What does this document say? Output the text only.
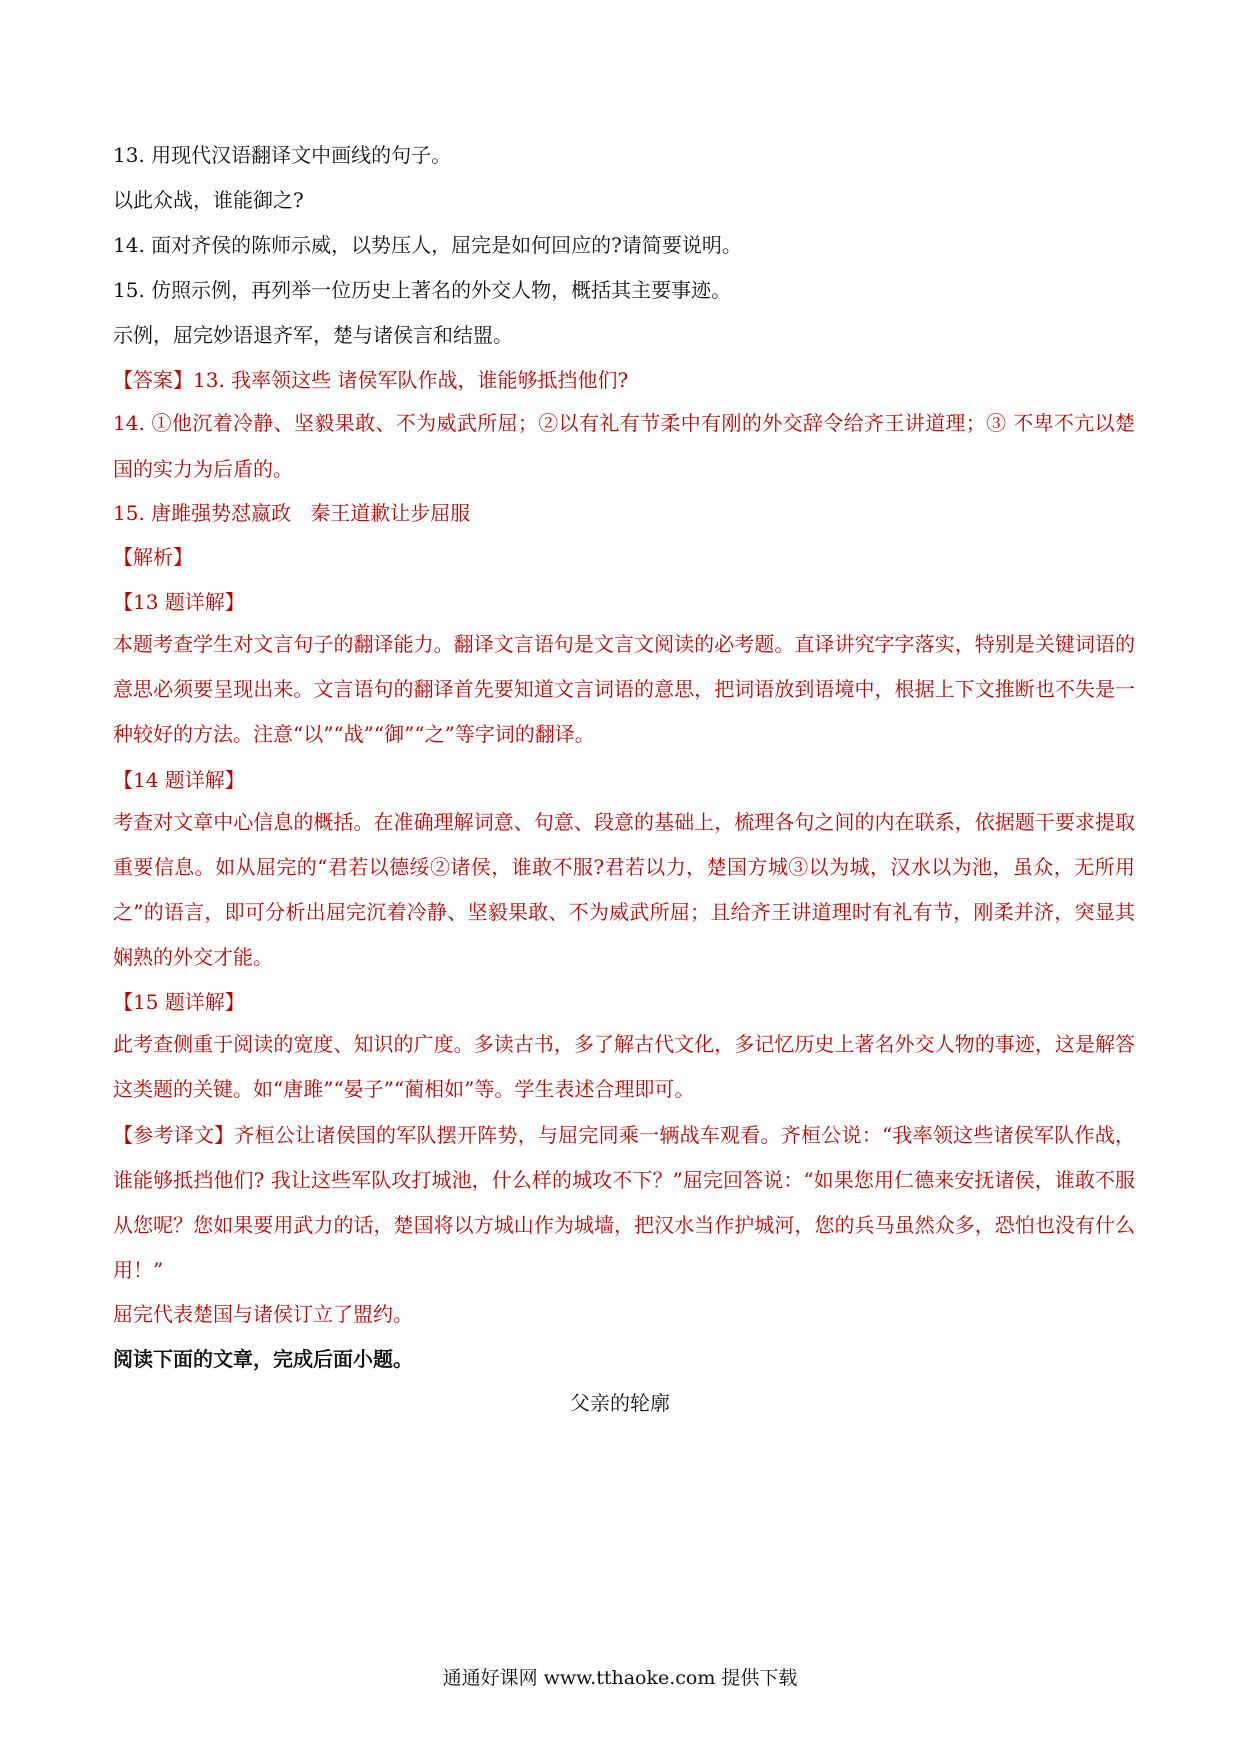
13. 用现代汉语翻译文中画线的句子。

以此众战，谁能御之?

14. 面对齐侯的陈师示威，以势压人，屈完是如何回应的?请简要说明。

15. 仿照示例，再列举一位历史上著名的外交人物，概括其主要事迹。

示例，屈完妙语退齐军，楚与诸侯言和结盟。

【答案】13. 我率领这些 诸侯军队作战，谁能够抵挡他们?

14. ①他沉着冷静、坚毅果敢、不为威武所屈；②以有礼有节柔中有刚的外交辞令给齐王讲道理；③ 不卑不亢以楚国的实力为后盾的。

15. 唐雎强势怼嬴政   秦王道歉让步屈服

【解析】

【13 题详解】

本题考查学生对文言句子的翻译能力。翻译文言语句是文言文阅读的必考题。直译讲究字字落实，特别是关键词语的意思必须要呈现出来。文言语句的翻译首先要知道文言词语的意思，把词语放到语境中，根据上下文推断也不失是一种较好的方法。注意“以”“战”“御”“之”等字词的翻译。

【14 题详解】

考查对文章中心信息的概括。在准确理解词意、句意、段意的基础上，梳理各句之间的内在联系，依据题干要求提取重要信息。如从屈完的“君若以德绥②诸侯，谁敢不服?君若以力，楚国方城③以为城，汉水以为池，虽众，无所用之”的语言，即可分析出屈完沉着冷静、坚毅果敢、不为威武所屈；且给齐王讲道理时有礼有节，刚柔并济，突显其娴熟的外交才能。

【15 题详解】

此考查侧重于阅读的宽度、知识的广度。多读古书，多了解古代文化，多记忆历史上著名外交人物的事迹，这是解答这类题的关键。如“唐雎”“晏子”“蔺相如”等。学生表述合理即可。

【参考译文】齐桓公让诸侯国的军队摆开阵势，与屈完同乘一辆战车观看。齐桓公说：“我率领这些诸侯军队作战，谁能够抵挡他们? 我让这些军队攻打城池，什么样的城攻不下？”屈完回答说：“如果您用仁德来安抚诸侯，谁敢不服从您呢？您如果要用武力的话，楚国将以方城山作为城墙，把汉水当作护城河，您的兵马虽然众多，恐怕也没有什么用！”

屈完代表楚国与诸侯订立了盟约。

阅读下面的文章，完成后面小题。

父亲的轮廓

通通好课网 www.tthaoke.com 提供下载
